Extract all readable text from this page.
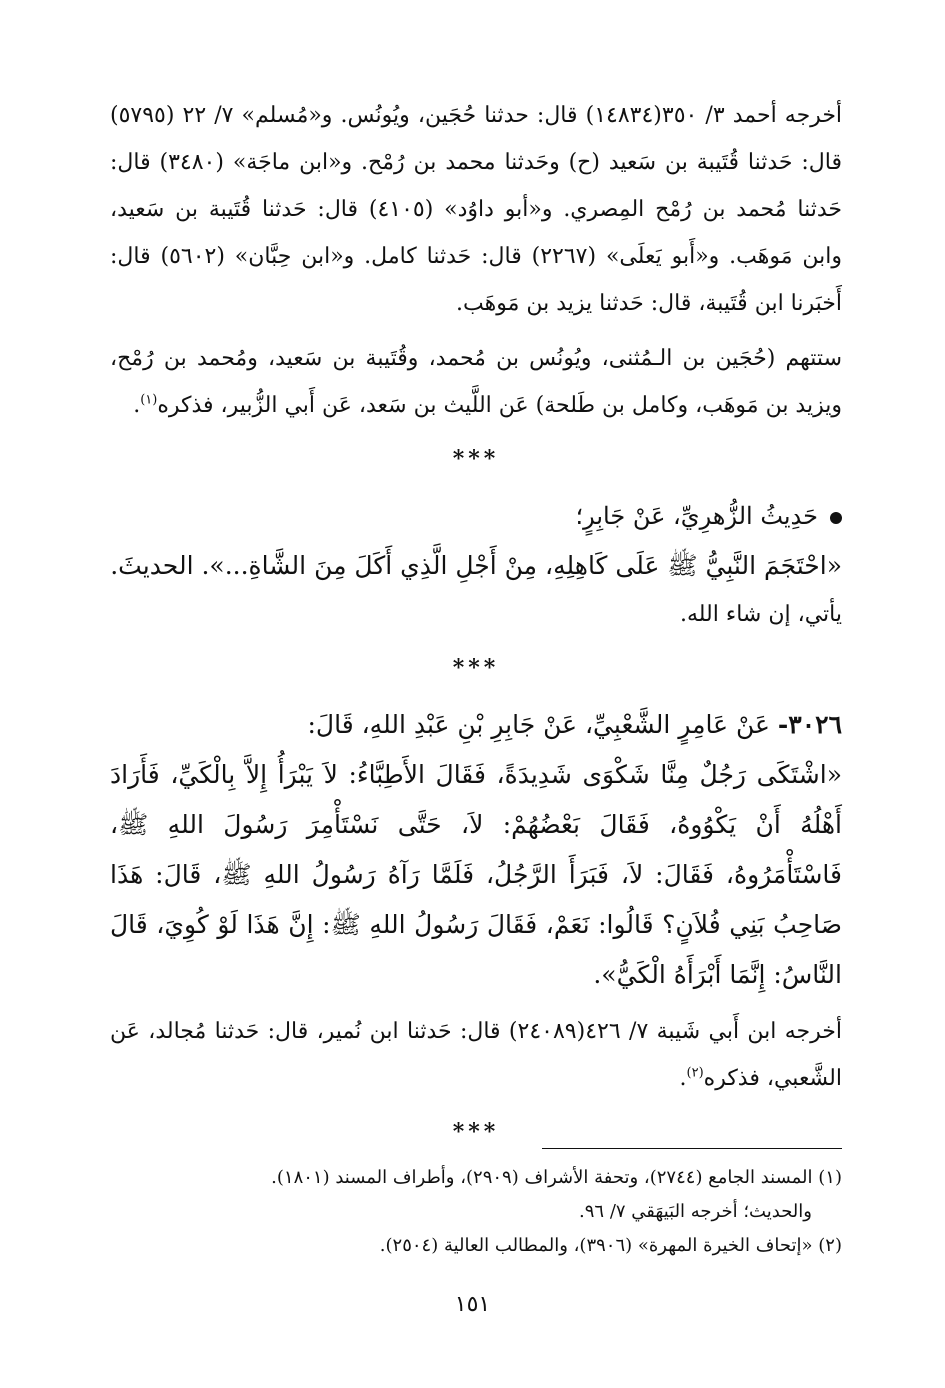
أخرجه أحمد ٣/ ٣٥٠(١٤٨٣٤) قال: حدثنا حُجَين، ويُونُس. و«مُسلم» ٧/ ٢٢ (٥٧٩٥) قال: حَدثنا قُتَيبة بن سَعيد (ح) وحَدثنا محمد بن رُمْح. و«ابن ماجَة» (٣٤٨٠) قال: حَدثنا مُحمد بن رُمْح المِصري. و«أبو داوُد» (٤١٠٥) قال: حَدثنا قُتَيبة بن سَعيد، وابن مَوهَب. و«أَبو يَعلَى» (٢٢٦٧) قال: حَدثنا كامل. و«ابن حِبَّان» (٥٦٠٢) قال: أَخبَرنا ابن قُتَيبة، قال: حَدثنا يزيد بن مَوهَب.

ستتهم (حُجَين بن الـمُثنى، ويُونُس بن مُحمد، وقُتَيبة بن سَعيد، ومُحمد بن رُمْح، ويزيد بن مَوهَب، وكامل بن طَلحة) عَن اللَّيث بن سَعد، عَن أَبي الزُّبير، فذكره$^{(١)}$.

***

حَدِيثُ الزُّهرِيِّ، عَنْ جَابِرٍ؛

«احْتَجَمَ النَّبِيُّ ﷺ عَلَى كَاهِلِهِ، مِنْ أَجْلِ الَّذِي أَكَلَ مِنَ الشَّاةِ...». الحديثَ.

يأتي، إن شاء الله.

***

٣٠٢٦- عَنْ عَامِرٍ الشَّعْبِيِّ، عَنْ جَابِرِ بْنِ عَبْدِ اللهِ، قَالَ:

«اشْتَكَى رَجُلٌ مِنَّا شَكْوَى شَدِيدَةً، فَقَالَ الأَطِبَّاءُ: لاَ يَبْرَأُ إِلاَّ بِالْكَيِّ، فَأَرَادَ أَهْلُهُ أَنْ يَكْوُوهُ، فَقَالَ بَعْضُهُمْ: لاَ، حَتَّى نَسْتَأْمِرَ رَسُولَ اللهِ ﷺ، فَاسْتَأْمَرُوهُ، فَقَالَ: لاَ، فَبَرَأَ الرَّجُلُ، فَلَمَّا رَآهُ رَسُولُ اللهِ ﷺ، قَالَ: هَذَا صَاحِبُ بَنِي فُلاَنٍ؟ قَالُوا: نَعَمْ، فَقَالَ رَسُولُ اللهِ ﷺ: إِنَّ هَذَا لَوْ كُوِيَ، قَالَ النَّاسُ: إِنَّمَا أَبْرَأَهُ الْكَيُّ».

أخرجه ابن أَبي شَيبة ٧/ ٤٢٦(٢٤٠٨٩) قال: حَدثنا ابن نُمير، قال: حَدثنا مُجالد، عَن الشَّعبي، فذكره$^{(٢)}$.

***

(١) المسند الجامع (٢٧٤٤)، وتحفة الأشراف (٢٩٠٩)، وأطراف المسند (١٨٠١).

والحديث؛ أخرجه البَيهَقي ٧/ ٩٦.

(٢) «إتحاف الخيرة المهرة» (٣٩٠٦)، والمطالب العالية (٢٥٠٤).

١٥١
